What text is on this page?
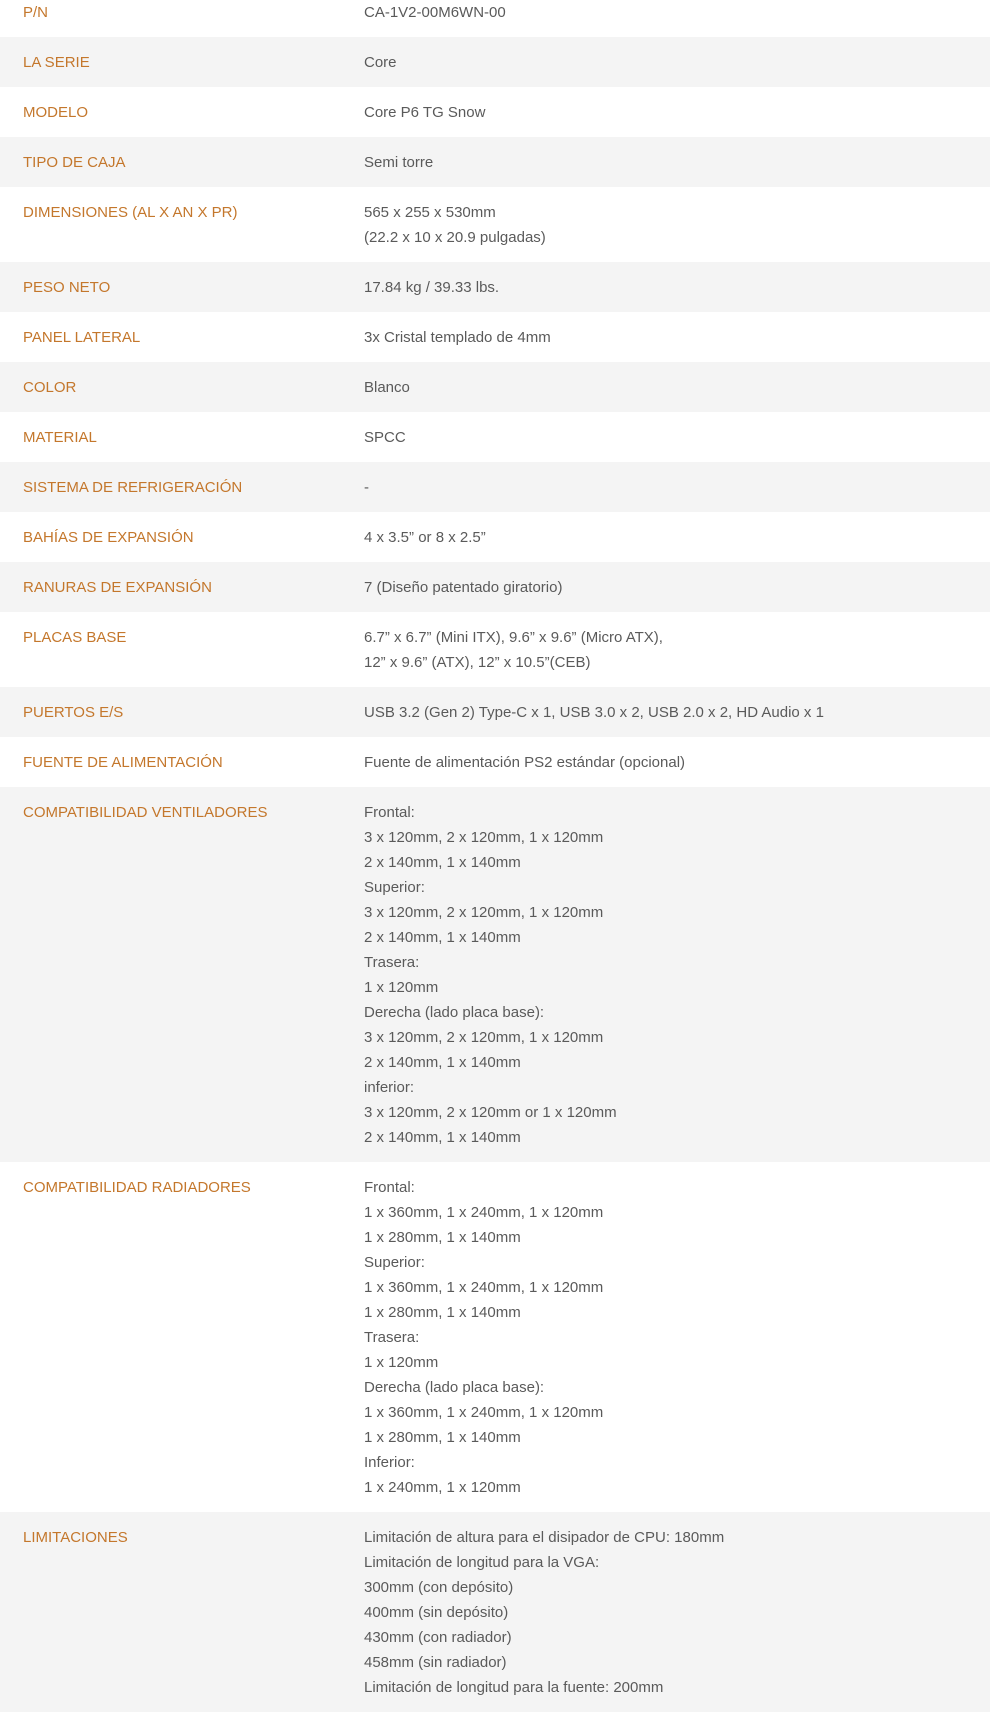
P/N	CA-1V2-00M6WN-00
LA SERIE	Core
MODELO	Core P6 TG Snow
TIPO DE CAJA	Semi torre
DIMENSIONES (AL X AN X PR)	565 x 255 x 530mm
(22.2 x 10 x 20.9 pulgadas)
PESO NETO	17.84 kg / 39.33 lbs.
PANEL LATERAL	3x Cristal templado de 4mm
COLOR	Blanco
MATERIAL	SPCC
SISTEMA DE REFRIGERACIÓN	-
BAHÍAS DE EXPANSIÓN	4 x 3.5” or 8 x 2.5”
RANURAS DE EXPANSIÓN	7 (Diseño patentado giratorio)
PLACAS BASE	6.7” x 6.7” (Mini ITX), 9.6” x 9.6” (Micro ATX),
12” x 9.6” (ATX), 12” x 10.5”(CEB)
PUERTOS E/S	USB 3.2 (Gen 2) Type-C x 1, USB 3.0 x 2, USB 2.0 x 2, HD Audio x 1
FUENTE DE ALIMENTACIÓN	Fuente de alimentación PS2 estándar (opcional)
COMPATIBILIDAD VENTILADORES	Frontal:
3 x 120mm, 2 x 120mm, 1 x 120mm
2 x 140mm, 1 x 140mm
Superior:
3 x 120mm, 2 x 120mm, 1 x 120mm
2 x 140mm, 1 x 140mm
Trasera:
1 x 120mm
Derecha (lado placa base):
3 x 120mm, 2 x 120mm, 1 x 120mm
2 x 140mm, 1 x 140mm
inferior:
3 x 120mm, 2 x 120mm or 1 x 120mm
2 x 140mm, 1 x 140mm
COMPATIBILIDAD RADIADORES	Frontal:
1 x 360mm, 1 x 240mm, 1 x 120mm
1 x 280mm, 1 x 140mm
Superior:
1 x 360mm, 1 x 240mm, 1 x 120mm
1 x 280mm, 1 x 140mm
Trasera:
1 x 120mm
Derecha (lado placa base):
1 x 360mm, 1 x 240mm, 1 x 120mm
1 x 280mm, 1 x 140mm
Inferior:
1 x 240mm, 1 x 120mm
LIMITACIONES	Limitación de altura para el disipador de CPU: 180mm
Limitación de longitud para la VGA:
300mm (con depósito)
400mm (sin depósito)
430mm (con radiador)
458mm (sin radiador)
Limitación de longitud para la fuente: 200mm
